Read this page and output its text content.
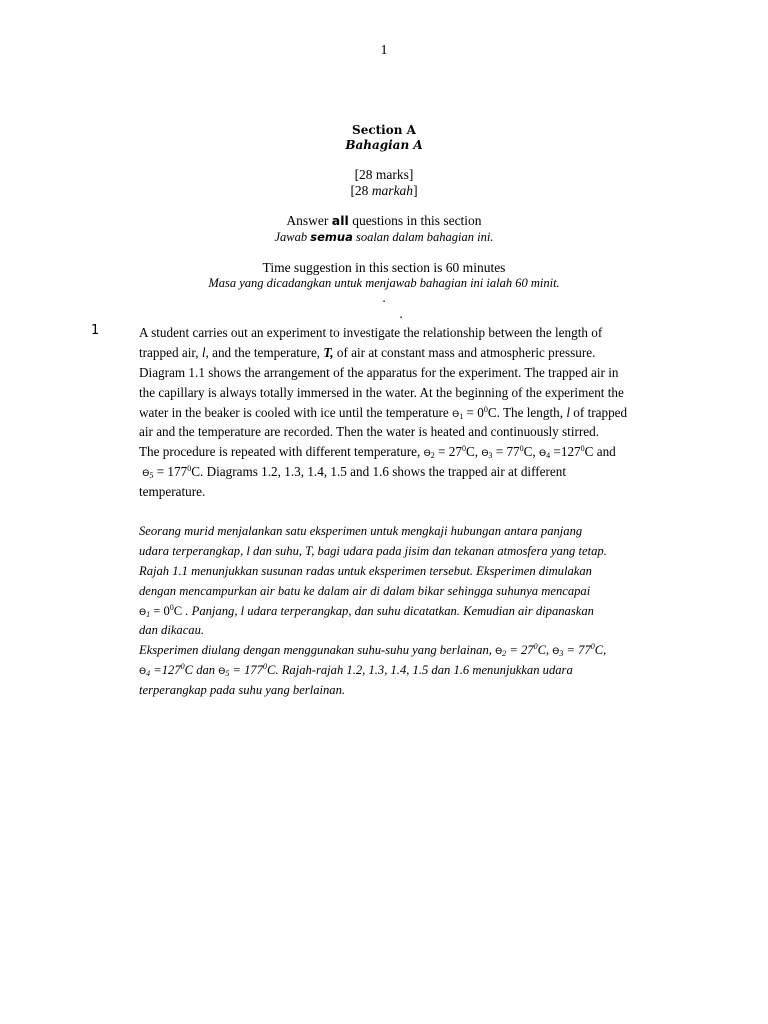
1
Section A
Bahagian A
[28 marks]
[28 markah]
Answer all questions in this section
Jawab semua soalan dalam bahagian ini.
Time suggestion in this section is 60 minutes
Masa yang dicadangkan untuk menjawab bahagian ini ialah 60 minit.
.
.
1	A student carries out an experiment to investigate the relationship between the length of
trapped air, l, and the temperature, T, of air at constant mass and atmospheric pressure.
Diagram 1.1 shows the arrangement of the apparatus for the experiment. The trapped air in
the capillary is always totally immersed in the water. At the beginning of the experiment the
water in the beaker is cooled with ice until the temperature $ϴ_1 = 0^0C$. The length, l of trapped
air and the temperature are recorded. Then the water is heated and continuously stirred.
The procedure is repeated with different temperature, $ϴ_2 = 27^0C$, $ϴ_3 = 77^0C$, $ϴ_4 =127^0C$ and
$ϴ_5 = 177^0C$. Diagrams 1.2, 1.3, 1.4, 1.5 and 1.6 shows the trapped air at different
temperature.
Seorang murid menjalankan satu eksperimen untuk mengkaji hubungan antara panjang
udara terperangkap, l dan suhu, T, bagi udara pada jisim dan tekanan atmosfera yang tetap.
Rajah 1.1 menunjukkan susunan radas untuk eksperimen tersebut. Eksperimen dimulakan
dengan mencampurkan air batu ke dalam air di dalam bikar sehingga suhunya mencapai
$ϴ_1 = 0^0C$ . Panjang, l udara terperangkap, dan suhu dicatatkan. Kemudian air dipanaskan
dan dikacau.
Eksperimen diulang dengan menggunakan suhu-suhu yang berlainan, $ϴ_2 = 27^0C$, $ϴ_3 = 77^0C$,
$ϴ_4 =127^0C$ dan $ϴ_5 = 177^0C$. Rajah-rajah 1.2, 1.3, 1.4, 1.5 dan 1.6 menunjukkan udara
terperangkap pada suhu yang berlainan.
